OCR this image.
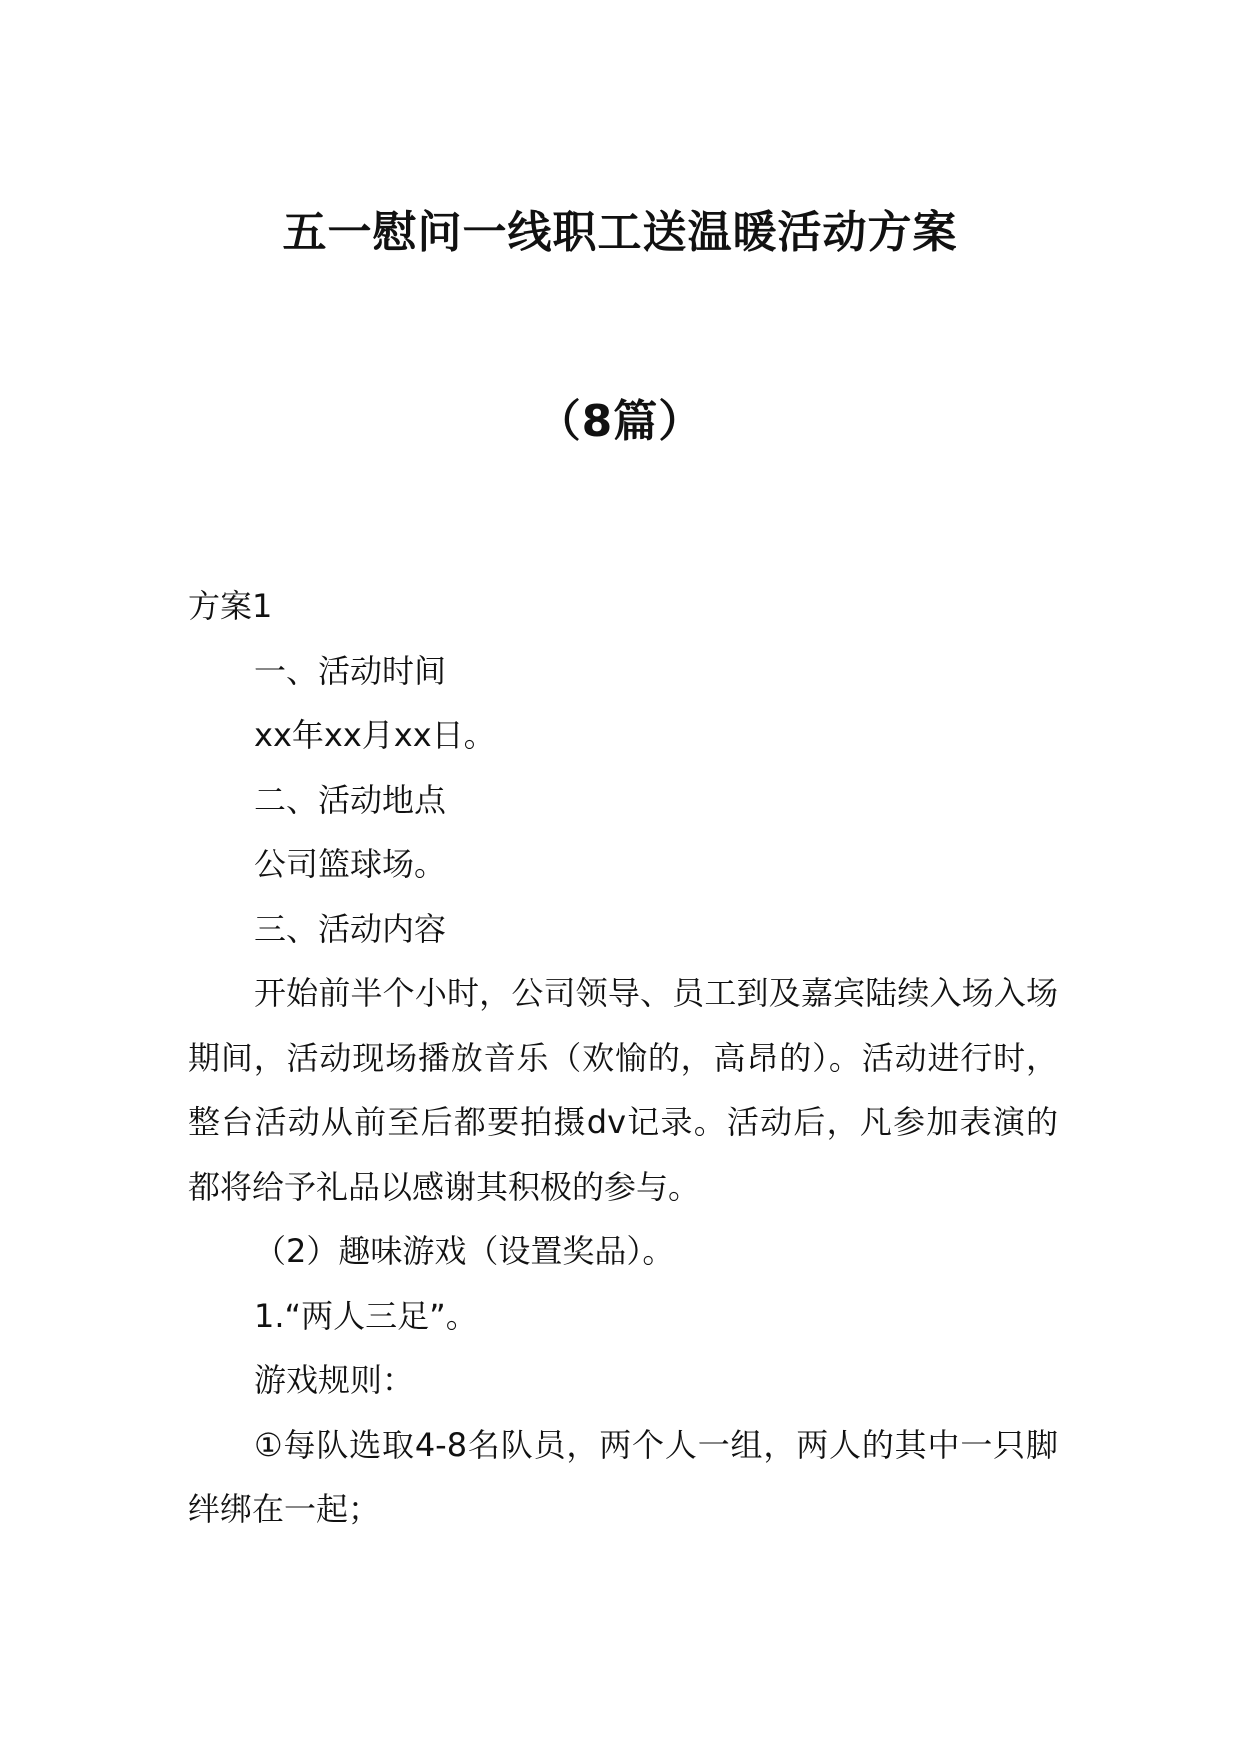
五一慰问一线职工送温暖活动方案
（8篇）

方案1

一、活动时间

xx年xx月xx日。

二、活动地点

公司篮球场。

三、活动内容

开始前半个小时，公司领导、员工到及嘉宾陆续入场入场期间，活动现场播放音乐（欢愉的，高昂的）。活动进行时，整台活动从前至后都要拍摄dv记录。活动后，凡参加表演的都将给予礼品以感谢其积极的参与。

（2）趣味游戏（设置奖品）。

1.“两人三足”。

游戏规则：

①每队选取4-8名队员，两个人一组，两人的其中一只脚绊绑在一起；
